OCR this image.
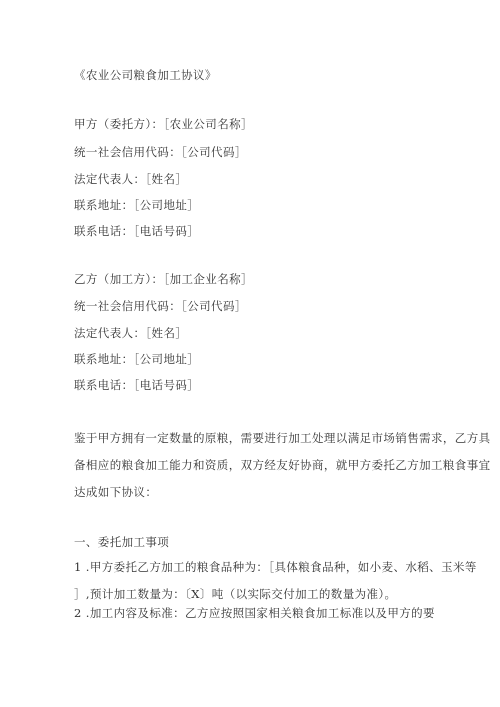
《农业公司粮食加工协议》
甲方（委托方）：［农业公司名称］
统一社会信用代码：［公司代码］
法定代表人：［姓名］
联系地址：［公司地址］
联系电话：［电话号码］
乙方（加工方）：［加工企业名称］
统一社会信用代码：［公司代码］
法定代表人：［姓名］
联系地址：［公司地址］
联系电话：［电话号码］
鉴于甲方拥有一定数量的原粮，需要进行加工处理以满足市场销售需求，乙方具
备相应的粮食加工能力和资质，双方经友好协商，就甲方委托乙方加工粮食事宜
达成如下协议：
一、委托加工事项
1 .甲方委托乙方加工的粮食品种为：［具体粮食品种，如小麦、水稻、玉米等
］,预计加工数量为：〔X〕吨（以实际交付加工的数量为准）。
2 .加工内容及标准：乙方应按照国家相关粮食加工标准以及甲方的要
